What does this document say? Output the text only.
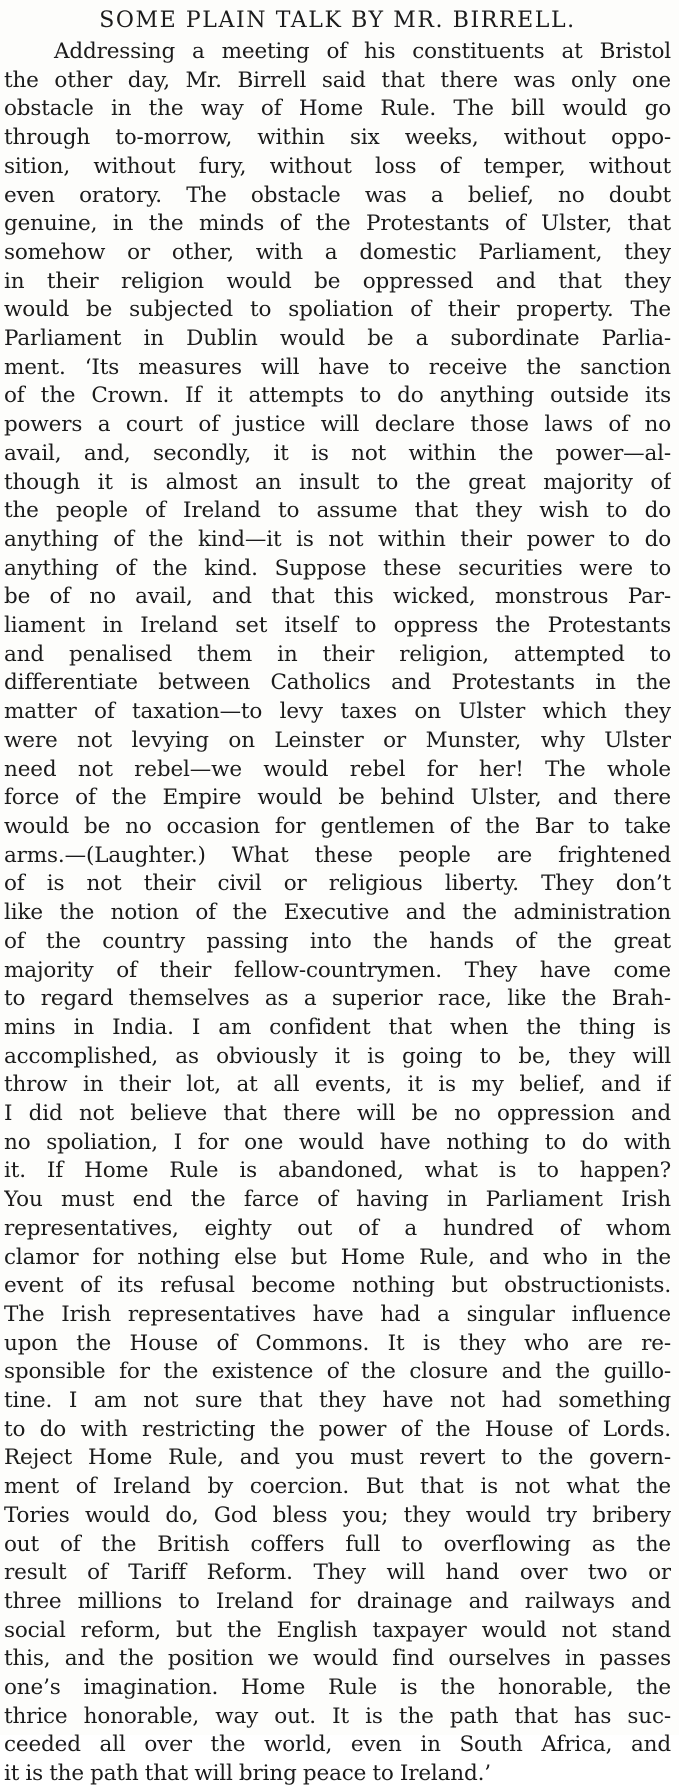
SOME PLAIN TALK BY MR. BIRRELL.
Addressing a meeting of his constituents at Bristol
the other day, Mr. Birrell said that there was only one
obstacle in the way of Home Rule. The bill would go
through to-morrow, within six weeks, without oppo-
sition, without fury, without loss of temper, without
even oratory. The obstacle was a belief, no doubt
genuine, in the minds of the Protestants of Ulster, that
somehow or other, with a domestic Parliament, they
in their religion would be oppressed and that they
would be subjected to spoliation of their property. The
Parliament in Dublin would be a subordinate Parlia-
ment. ‘Its measures will have to receive the sanction
of the Crown. If it attempts to do anything outside its
powers a court of justice will declare those laws of no
avail, and, secondly, it is not within the power—al-
though it is almost an insult to the great majority of
the people of Ireland to assume that they wish to do
anything of the kind—it is not within their power to do
anything of the kind. Suppose these securities were to
be of no avail, and that this wicked, monstrous Par-
liament in Ireland set itself to oppress the Protestants
and penalised them in their religion, attempted to
differentiate between Catholics and Protestants in the
matter of taxation—to levy taxes on Ulster which they
were not levying on Leinster or Munster, why Ulster
need not rebel—we would rebel for her! The whole
force of the Empire would be behind Ulster, and there
would be no occasion for gentlemen of the Bar to take
arms.—(Laughter.) What these people are frightened
of is not their civil or religious liberty. They don’t
like the notion of the Executive and the administration
of the country passing into the hands of the great
majority of their fellow-countrymen. They have come
to regard themselves as a superior race, like the Brah-
mins in India. I am confident that when the thing is
accomplished, as obviously it is going to be, they will
throw in their lot, at all events, it is my belief, and if
I did not believe that there will be no oppression and
no spoliation, I for one would have nothing to do with
it. If Home Rule is abandoned, what is to happen?
You must end the farce of having in Parliament Irish
representatives, eighty out of a hundred of whom
clamor for nothing else but Home Rule, and who in the
event of its refusal become nothing but obstructionists.
The Irish representatives have had a singular influence
upon the House of Commons. It is they who are re-
sponsible for the existence of the closure and the guillo-
tine. I am not sure that they have not had something
to do with restricting the power of the House of Lords.
Reject Home Rule, and you must revert to the govern-
ment of Ireland by coercion. But that is not what the
Tories would do, God bless you; they would try bribery
out of the British coffers full to overflowing as the
result of Tariff Reform. They will hand over two or
three millions to Ireland for drainage and railways and
social reform, but the English taxpayer would not stand
this, and the position we would find ourselves in passes
one’s imagination. Home Rule is the honorable, the
thrice honorable, way out. It is the path that has suc-
ceeded all over the world, even in South Africa, and
it is the path that will bring peace to Ireland.’
